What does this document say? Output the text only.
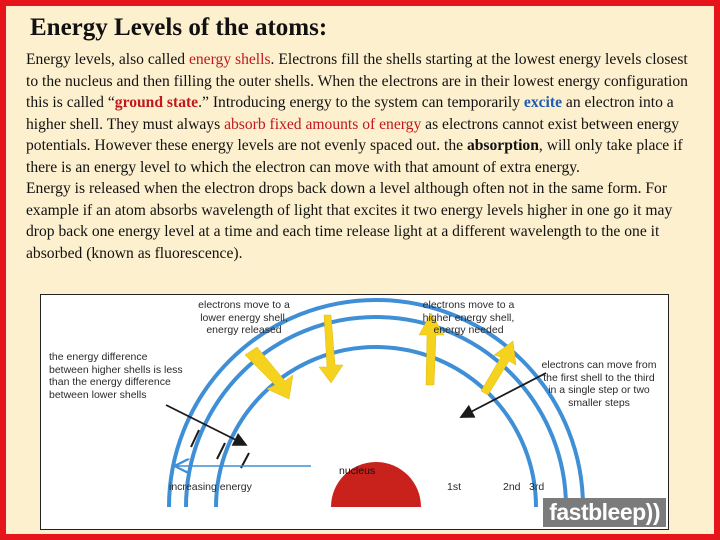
Energy Levels of the atoms:

Energy levels, also called energy shells. Electrons fill the shells starting at the lowest energy levels closest to the nucleus and then filling the outer shells. When the electrons are in their lowest energy configuration this is called “ground state.” Introducing energy to the system can temporarily excite an electron into a higher shell. They must always absorb fixed amounts of energy as electrons cannot exist between energy potentials. However these energy levels are not evenly spaced out. the absorption, will only take place if there is an energy level to which the electron can move with that amount of extra energy.

Energy is released when the electron drops back down a level although often not in the same form. For example if an atom absorbs wavelength of light that excites it two energy levels higher in one go it may drop back one energy level at a time and each time release light at a different wavelength to the one it absorbed (known as fluorescence).

electrons move to a lower energy shell, energy released
electrons move to a higher energy shell, energy needed
the energy difference between higher shells is less than the energy difference between lower shells
electrons can move from the first shell to the third in a single step or two smaller steps
increasing energy
nucleus
1st	2nd 3rd
fastbleep))
